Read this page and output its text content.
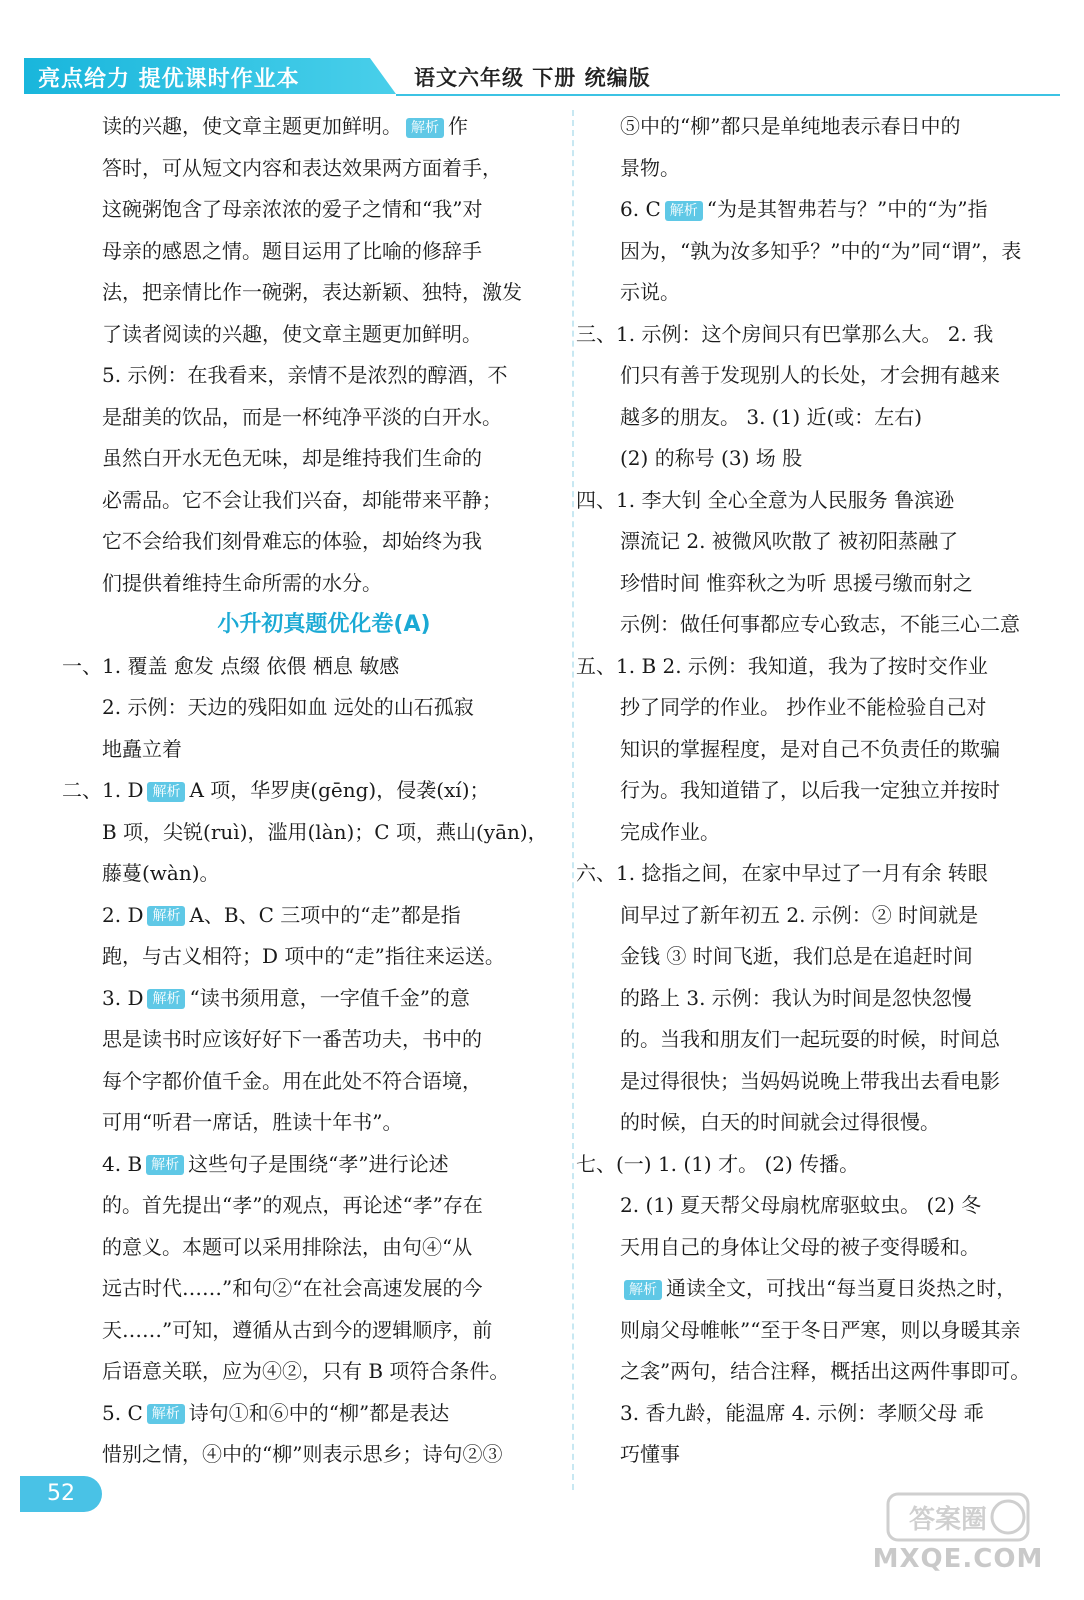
亮点给力 提优课时作业本	语文六年级 下册 统编版
读的兴趣，使文章主题更加鲜明。 解析 作
答时，可从短文内容和表达效果两方面着手，
这碗粥饱含了母亲浓浓的爱子之情和“我”对
母亲的感恩之情。题目运用了比喻的修辞手
法，把亲情比作一碗粥，表达新颖、独特，激发
了读者阅读的兴趣，使文章主题更加鲜明。
5. 示例：在我看来，亲情不是浓烈的醇酒，不
是甜美的饮品，而是一杯纯净平淡的白开水。
虽然白开水无色无味，却是维持我们生命的
必需品。它不会让我们兴奋，却能带来平静；
它不会给我们刻骨难忘的体验，却始终为我
们提供着维持生命所需的水分。
小升初真题优化卷(A)
一、1. 覆盖 愈发 点缀 依偎 栖息 敏感
2. 示例：天边的残阳如血 远处的山石孤寂
地矗立着
二、1. D 解析 A 项，华罗庚(gēng)，侵袭(xí)；
B 项，尖锐(ruì)，滥用(làn)；C 项，燕山(yān)，
藤蔓(wàn)。
2. D 解析 A、B、C 三项中的“走”都是指
跑，与古义相符；D 项中的“走”指往来运送。
3. D 解析 “读书须用意，一字值千金”的意
思是读书时应该好好下一番苦功夫，书中的
每个字都价值千金。用在此处不符合语境，
可用“听君一席话，胜读十年书”。
4. B 解析 这些句子是围绕“孝”进行论述
的。首先提出“孝”的观点，再论述“孝”存在
的意义。本题可以采用排除法，由句④“从
远古时代……”和句②“在社会高速发展的今
天……”可知，遵循从古到今的逻辑顺序，前
后语意关联，应为④②，只有 B 项符合条件。
5. C 解析 诗句①和⑥中的“柳”都是表达
惜别之情，④中的“柳”则表示思乡；诗句②③
⑤中的“柳”都只是单纯地表示春日中的
景物。
6. C 解析 “为是其智弗若与？”中的“为”指
因为，“孰为汝多知乎？”中的“为”同“谓”，表
示说。
三、1. 示例：这个房间只有巴掌那么大。 2. 我
们只有善于发现别人的长处，才会拥有越来
越多的朋友。 3. (1) 近(或：左右)
(2) 的称号 (3) 场 股
四、1. 李大钊 全心全意为人民服务 鲁滨逊
漂流记 2. 被微风吹散了 被初阳蒸融了
珍惜时间 惟弈秋之为听 思援弓缴而射之
示例：做任何事都应专心致志，不能三心二意
五、1. B 2. 示例：我知道，我为了按时交作业
抄了同学的作业。 抄作业不能检验自己对
知识的掌握程度，是对自己不负责任的欺骗
行为。我知道错了，以后我一定独立并按时
完成作业。
六、1. 捻指之间，在家中早过了一月有余 转眼
间早过了新年初五 2. 示例：② 时间就是
金钱 ③ 时间飞逝，我们总是在追赶时间
的路上 3. 示例：我认为时间是忽快忽慢
的。当我和朋友们一起玩耍的时候，时间总
是过得很快；当妈妈说晚上带我出去看电影
的时候，白天的时间就会过得很慢。
七、(一) 1. (1) 才。 (2) 传播。
2. (1) 夏天帮父母扇枕席驱蚊虫。 (2) 冬
天用自己的身体让父母的被子变得暖和。
解析 通读全文，可找出“每当夏日炎热之时，
则扇父母帷帐”“至于冬日严寒，则以身暖其亲
之衾”两句，结合注释，概括出这两件事即可。
3. 香九龄，能温席 4. 示例：孝顺父母 乖
巧懂事
52
答案圈
MXQE.COM
